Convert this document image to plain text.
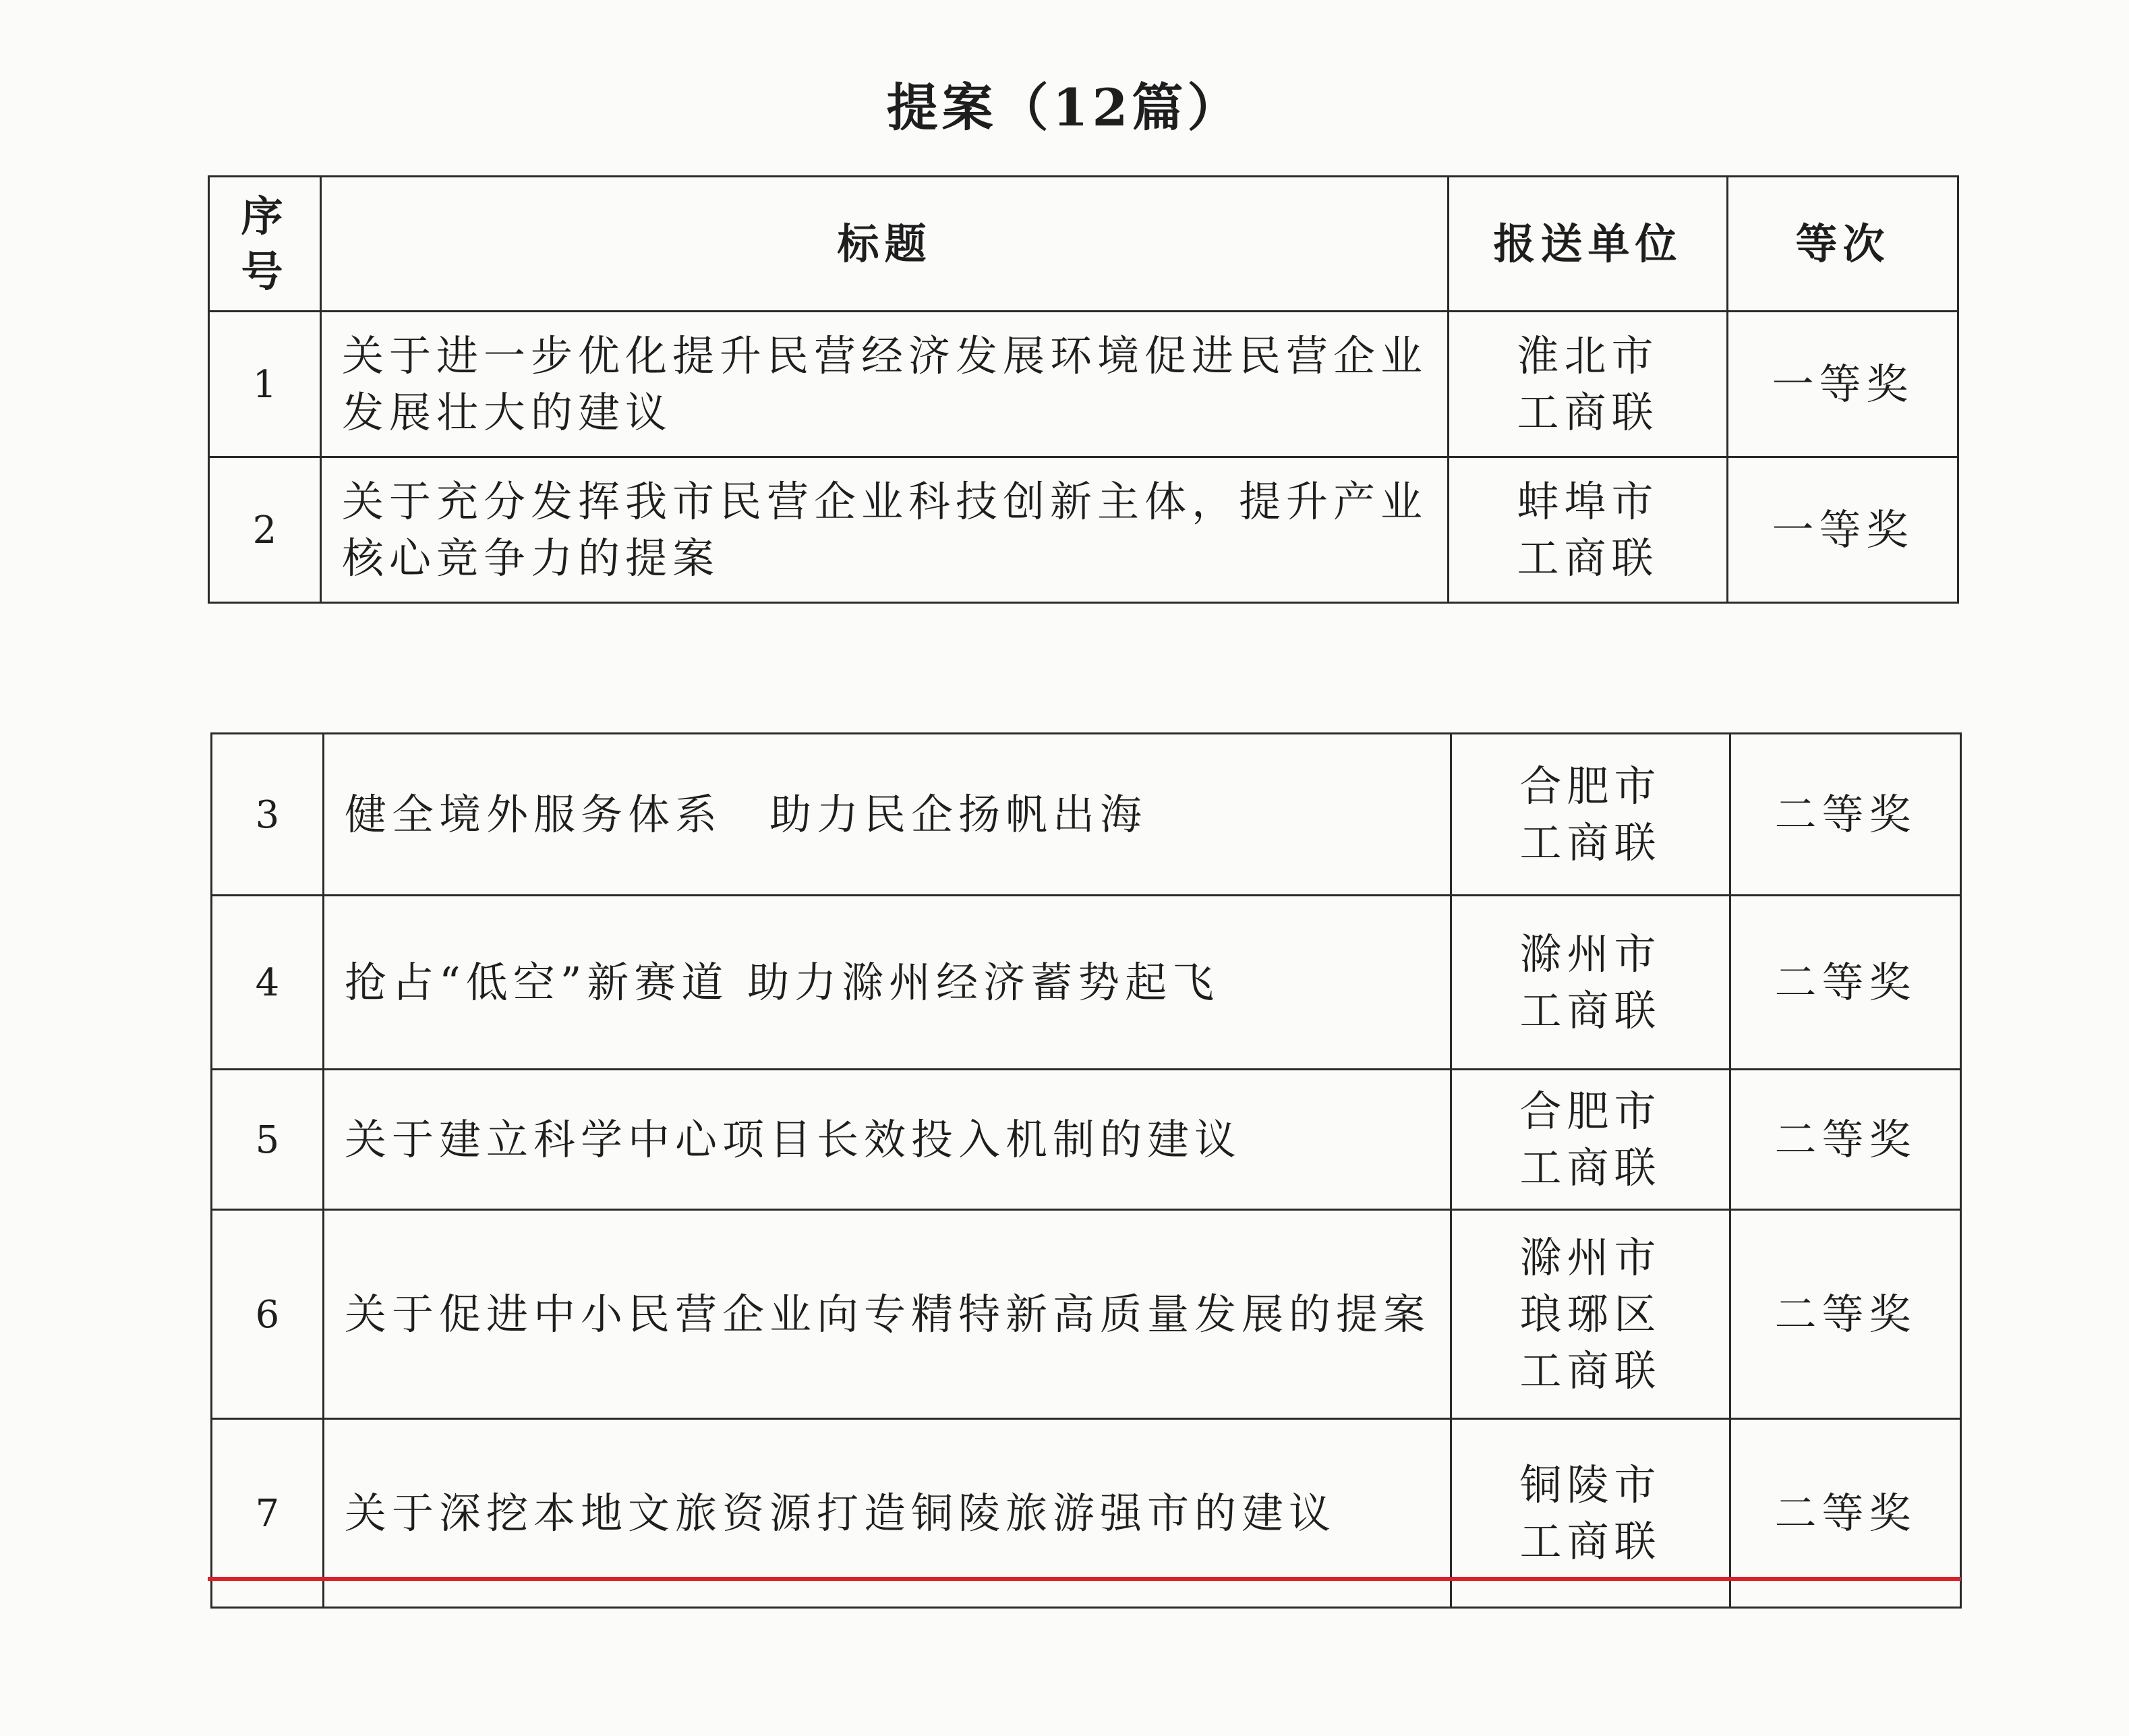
提案（12篇）
序
号	标题	报送单位	等次
1	关于进一步优化提升民营经济发展环境促进民营企业发展壮大的建议	淮北市
工商联	一等奖
2	关于充分发挥我市民营企业科技创新主体，提升产业核心竞争力的提案	蚌埠市
工商联	一等奖
3	健全境外服务体系　助力民企扬帆出海	合肥市
工商联	二等奖
4	抢占“低空”新赛道 助力滁州经济蓄势起飞	滁州市
工商联	二等奖
5	关于建立科学中心项目长效投入机制的建议	合肥市
工商联	二等奖
6	关于促进中小民营企业向专精特新高质量发展的提案	滁州市
琅琊区
工商联	二等奖
7	关于深挖本地文旅资源打造铜陵旅游强市的建议	铜陵市
工商联	二等奖
